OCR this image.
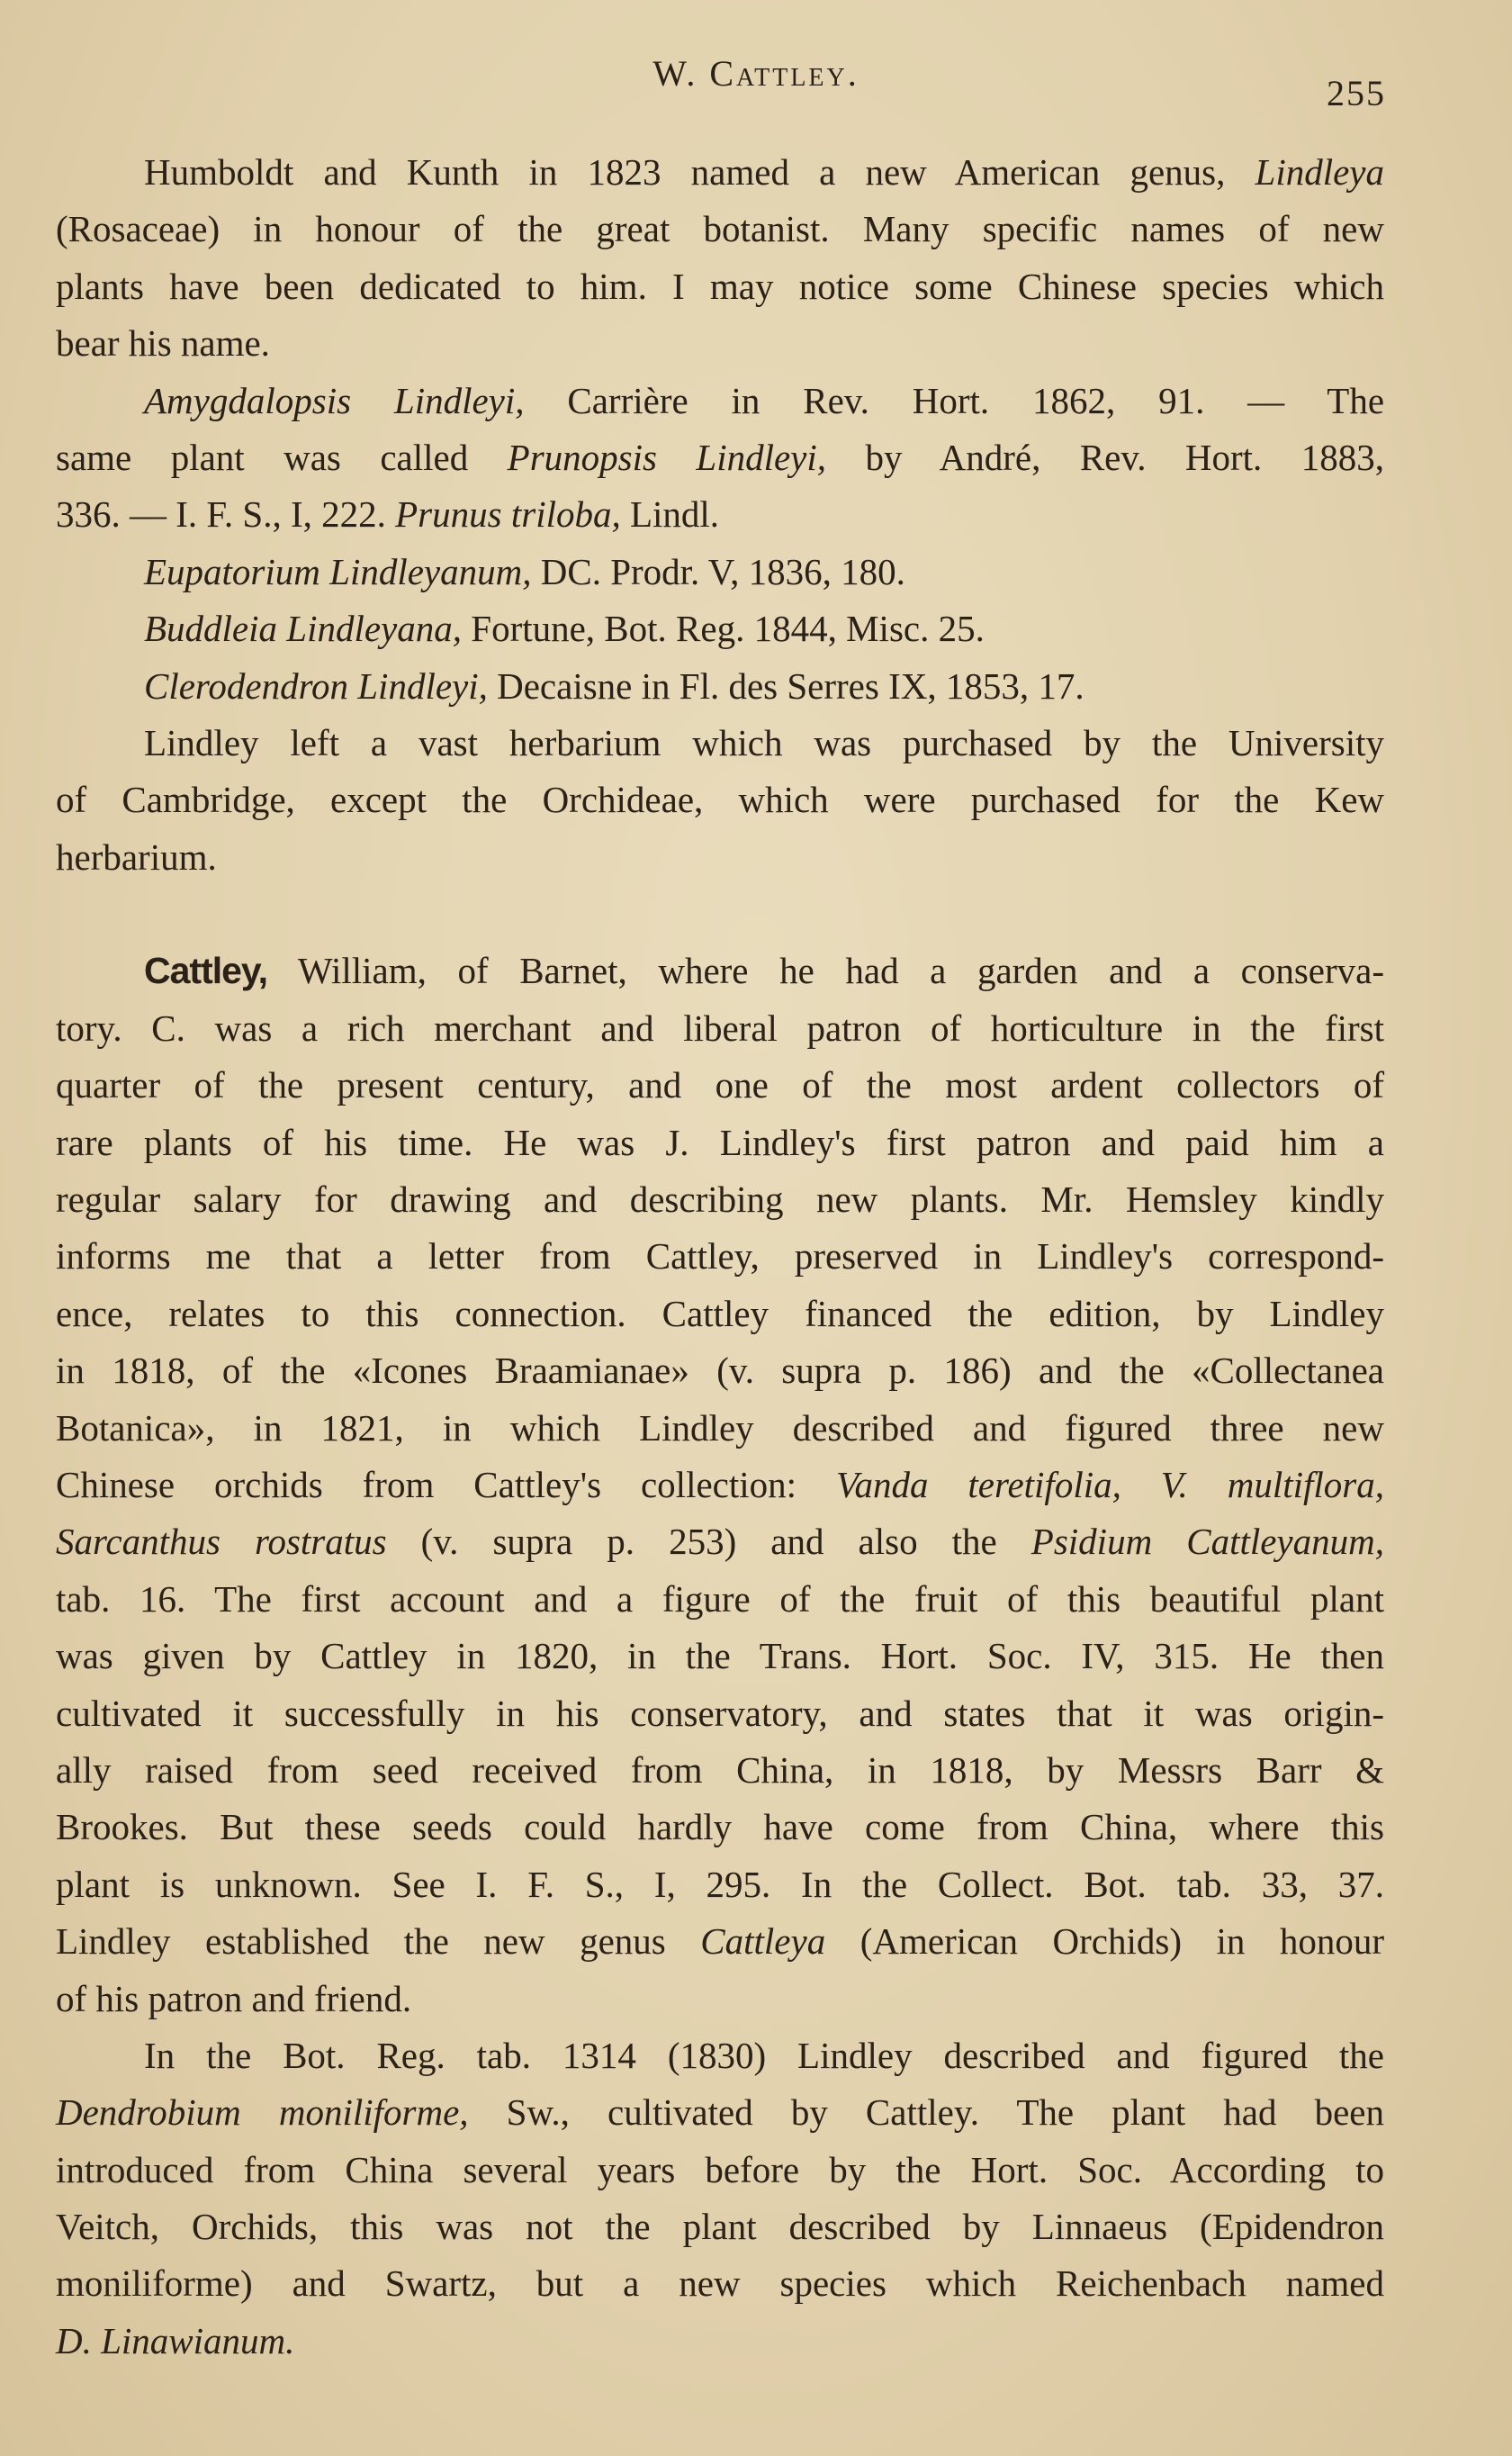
W. Cattley.	255
Humboldt and Kunth in 1823 named a new American genus, Lindleya
(Rosaceae) in honour of the great botanist. Many specific names of new
plants have been dedicated to him. I may notice some Chinese species which
bear his name.
Amygdalopsis Lindleyi, Carrière in Rev. Hort. 1862, 91. — The
same plant was called Prunopsis Lindleyi, by André, Rev. Hort. 1883,
336. — I. F. S., I, 222. Prunus triloba, Lindl.
Eupatorium Lindleyanum, DC. Prodr. V, 1836, 180.
Buddleia Lindleyana, Fortune, Bot. Reg. 1844, Misc. 25.
Clerodendron Lindleyi, Decaisne in Fl. des Serres IX, 1853, 17.
Lindley left a vast herbarium which was purchased by the University
of Cambridge, except the Orchideae, which were purchased for the Kew
herbarium.
Cattley, William, of Barnet, where he had a garden and a conserva-
tory. C. was a rich merchant and liberal patron of horticulture in the first
quarter of the present century, and one of the most ardent collectors of
rare plants of his time. He was J. Lindley's first patron and paid him a
regular salary for drawing and describing new plants. Mr. Hemsley kindly
informs me that a letter from Cattley, preserved in Lindley's correspond-
ence, relates to this connection. Cattley financed the edition, by Lindley
in 1818, of the «Icones Braamianae» (v. supra p. 186) and the «Collectanea
Botanica», in 1821, in which Lindley described and figured three new
Chinese orchids from Cattley's collection: Vanda teretifolia, V. multiflora,
Sarcanthus rostratus (v. supra p. 253) and also the Psidium Cattleyanum,
tab. 16. The first account and a figure of the fruit of this beautiful plant
was given by Cattley in 1820, in the Trans. Hort. Soc. IV, 315. He then
cultivated it successfully in his conservatory, and states that it was origin-
ally raised from seed received from China, in 1818, by Messrs Barr &
Brookes. But these seeds could hardly have come from China, where this
plant is unknown. See I. F. S., I, 295. In the Collect. Bot. tab. 33, 37.
Lindley established the new genus Cattleya (American Orchids) in honour
of his patron and friend.
In the Bot. Reg. tab. 1314 (1830) Lindley described and figured the
Dendrobium moniliforme, Sw., cultivated by Cattley. The plant had been
introduced from China several years before by the Hort. Soc. According to
Veitch, Orchids, this was not the plant described by Linnaeus (Epidendron
moniliforme) and Swartz, but a new species which Reichenbach named
D. Linawianum.
